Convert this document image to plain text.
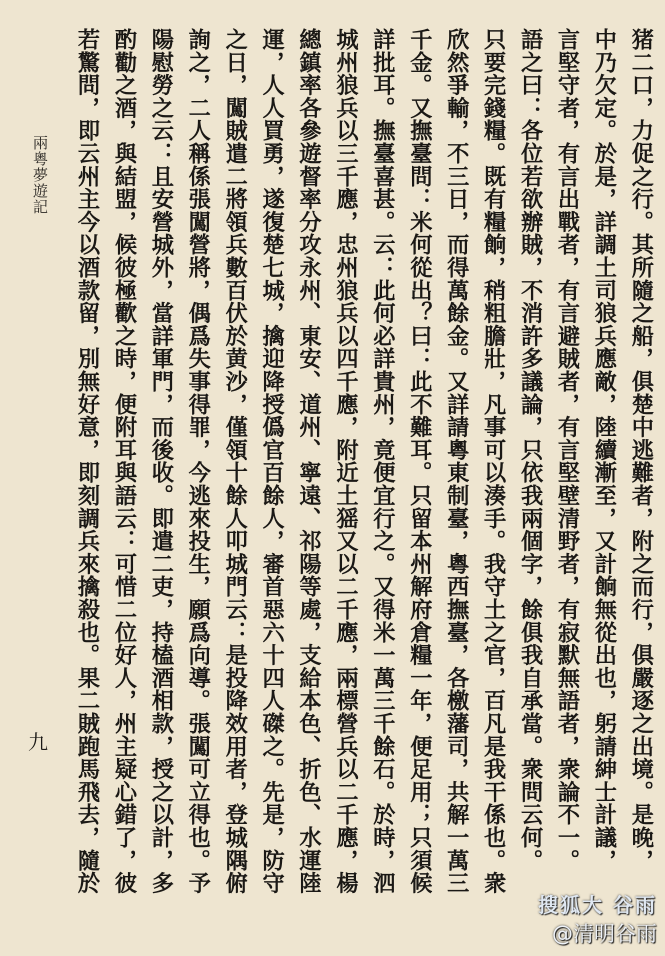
猪二口，力促之行。其所隨之船，俱楚中逃難者，附之而行，俱嚴逐之出境。是晚，
中乃欠定。於是，詳調土司狼兵應敵，陸續漸至，又計餉無從出也，躬請紳士計議，
言堅守者，有言出戰者，有言避賊者，有言堅壁清野者，有寂默無語者，衆論不一。
語之曰：各位若欲辦賊，不消許多議論，只依我兩個字，餘俱我自承當。衆問云何。
只要完錢糧。既有糧餉，稍粗膽壯，凡事可以湊手。我守土之官，百凡是我干係也。衆
欣然爭輸，不三日，而得萬餘金。又詳請粵東制臺，粵西撫臺，各檄藩司，共解一萬三
千金。又撫臺問：米何從出？曰：此不難耳。只留本州解府倉糧一年，便足用；只須候
詳批耳。撫臺喜甚。云：此何必詳貴州，竟便宜行之。又得米一萬三千餘石。於時，泗
城州狼兵以三千應，忠州狼兵以四千應，附近土猺又以二千應，兩標營兵以二千應，楊
總鎮率各參遊督率分攻永州、東安、道州、寧遠、祁陽等處，支給本色、折色、水運陸
運，人人買勇，遂復楚七城，擒迎降授僞官百餘人，審首惡六十四人磔之。先是，防守
之日，闖賊遣二將領兵數百伏於黄沙，僅領十餘人叩城門云：是投降效用者，登城隅俯
詢之，二人稱係張闖營將，偶爲失事得罪，今逃來投生，願爲向導。張闖可立得也。予
陽慰勞之云：且安營城外，當詳軍門，而後收。即遣二吏，持榼酒相款，授之以計，多
酌勸之酒，與結盟，候彼極歡之時，便附耳與語云：可惜二位好人，州主疑心錯了，彼
若驚問，即云州主今以酒款留，別無好意，即刻調兵來擒殺也。果二賊跑馬飛去，隨於
兩粵夢遊記
九
搜狐大 谷雨
@清明谷雨
